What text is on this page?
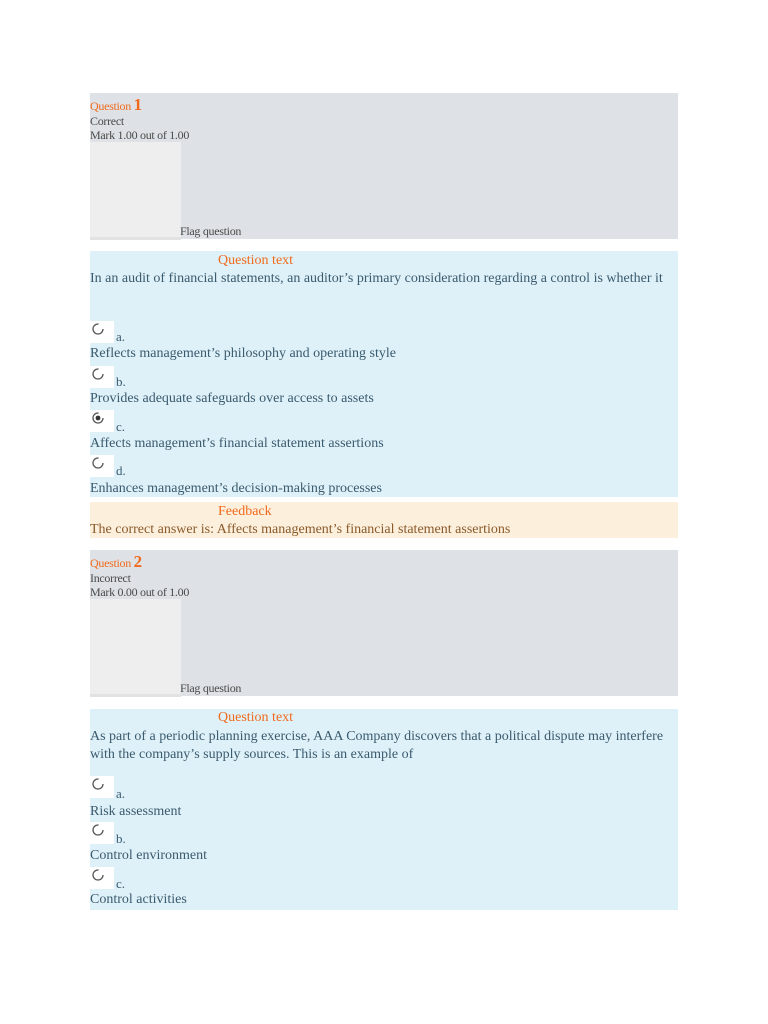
Question 1
Correct
Mark 1.00 out of 1.00
Flag question
Question text
In an audit of financial statements, an auditor’s primary consideration regarding a control is whether it
a.
Reflects management’s philosophy and operating style
b.
Provides adequate safeguards over access to assets
c.
Affects management’s financial statement assertions
d.
Enhances management’s decision-making processes
Feedback
The correct answer is: Affects management’s financial statement assertions
Question 2
Incorrect
Mark 0.00 out of 1.00
Flag question
Question text
As part of a periodic planning exercise, AAA Company discovers that a political dispute may interfere with the company’s supply sources. This is an example of
a.
Risk assessment
b.
Control environment
c.
Control activities
